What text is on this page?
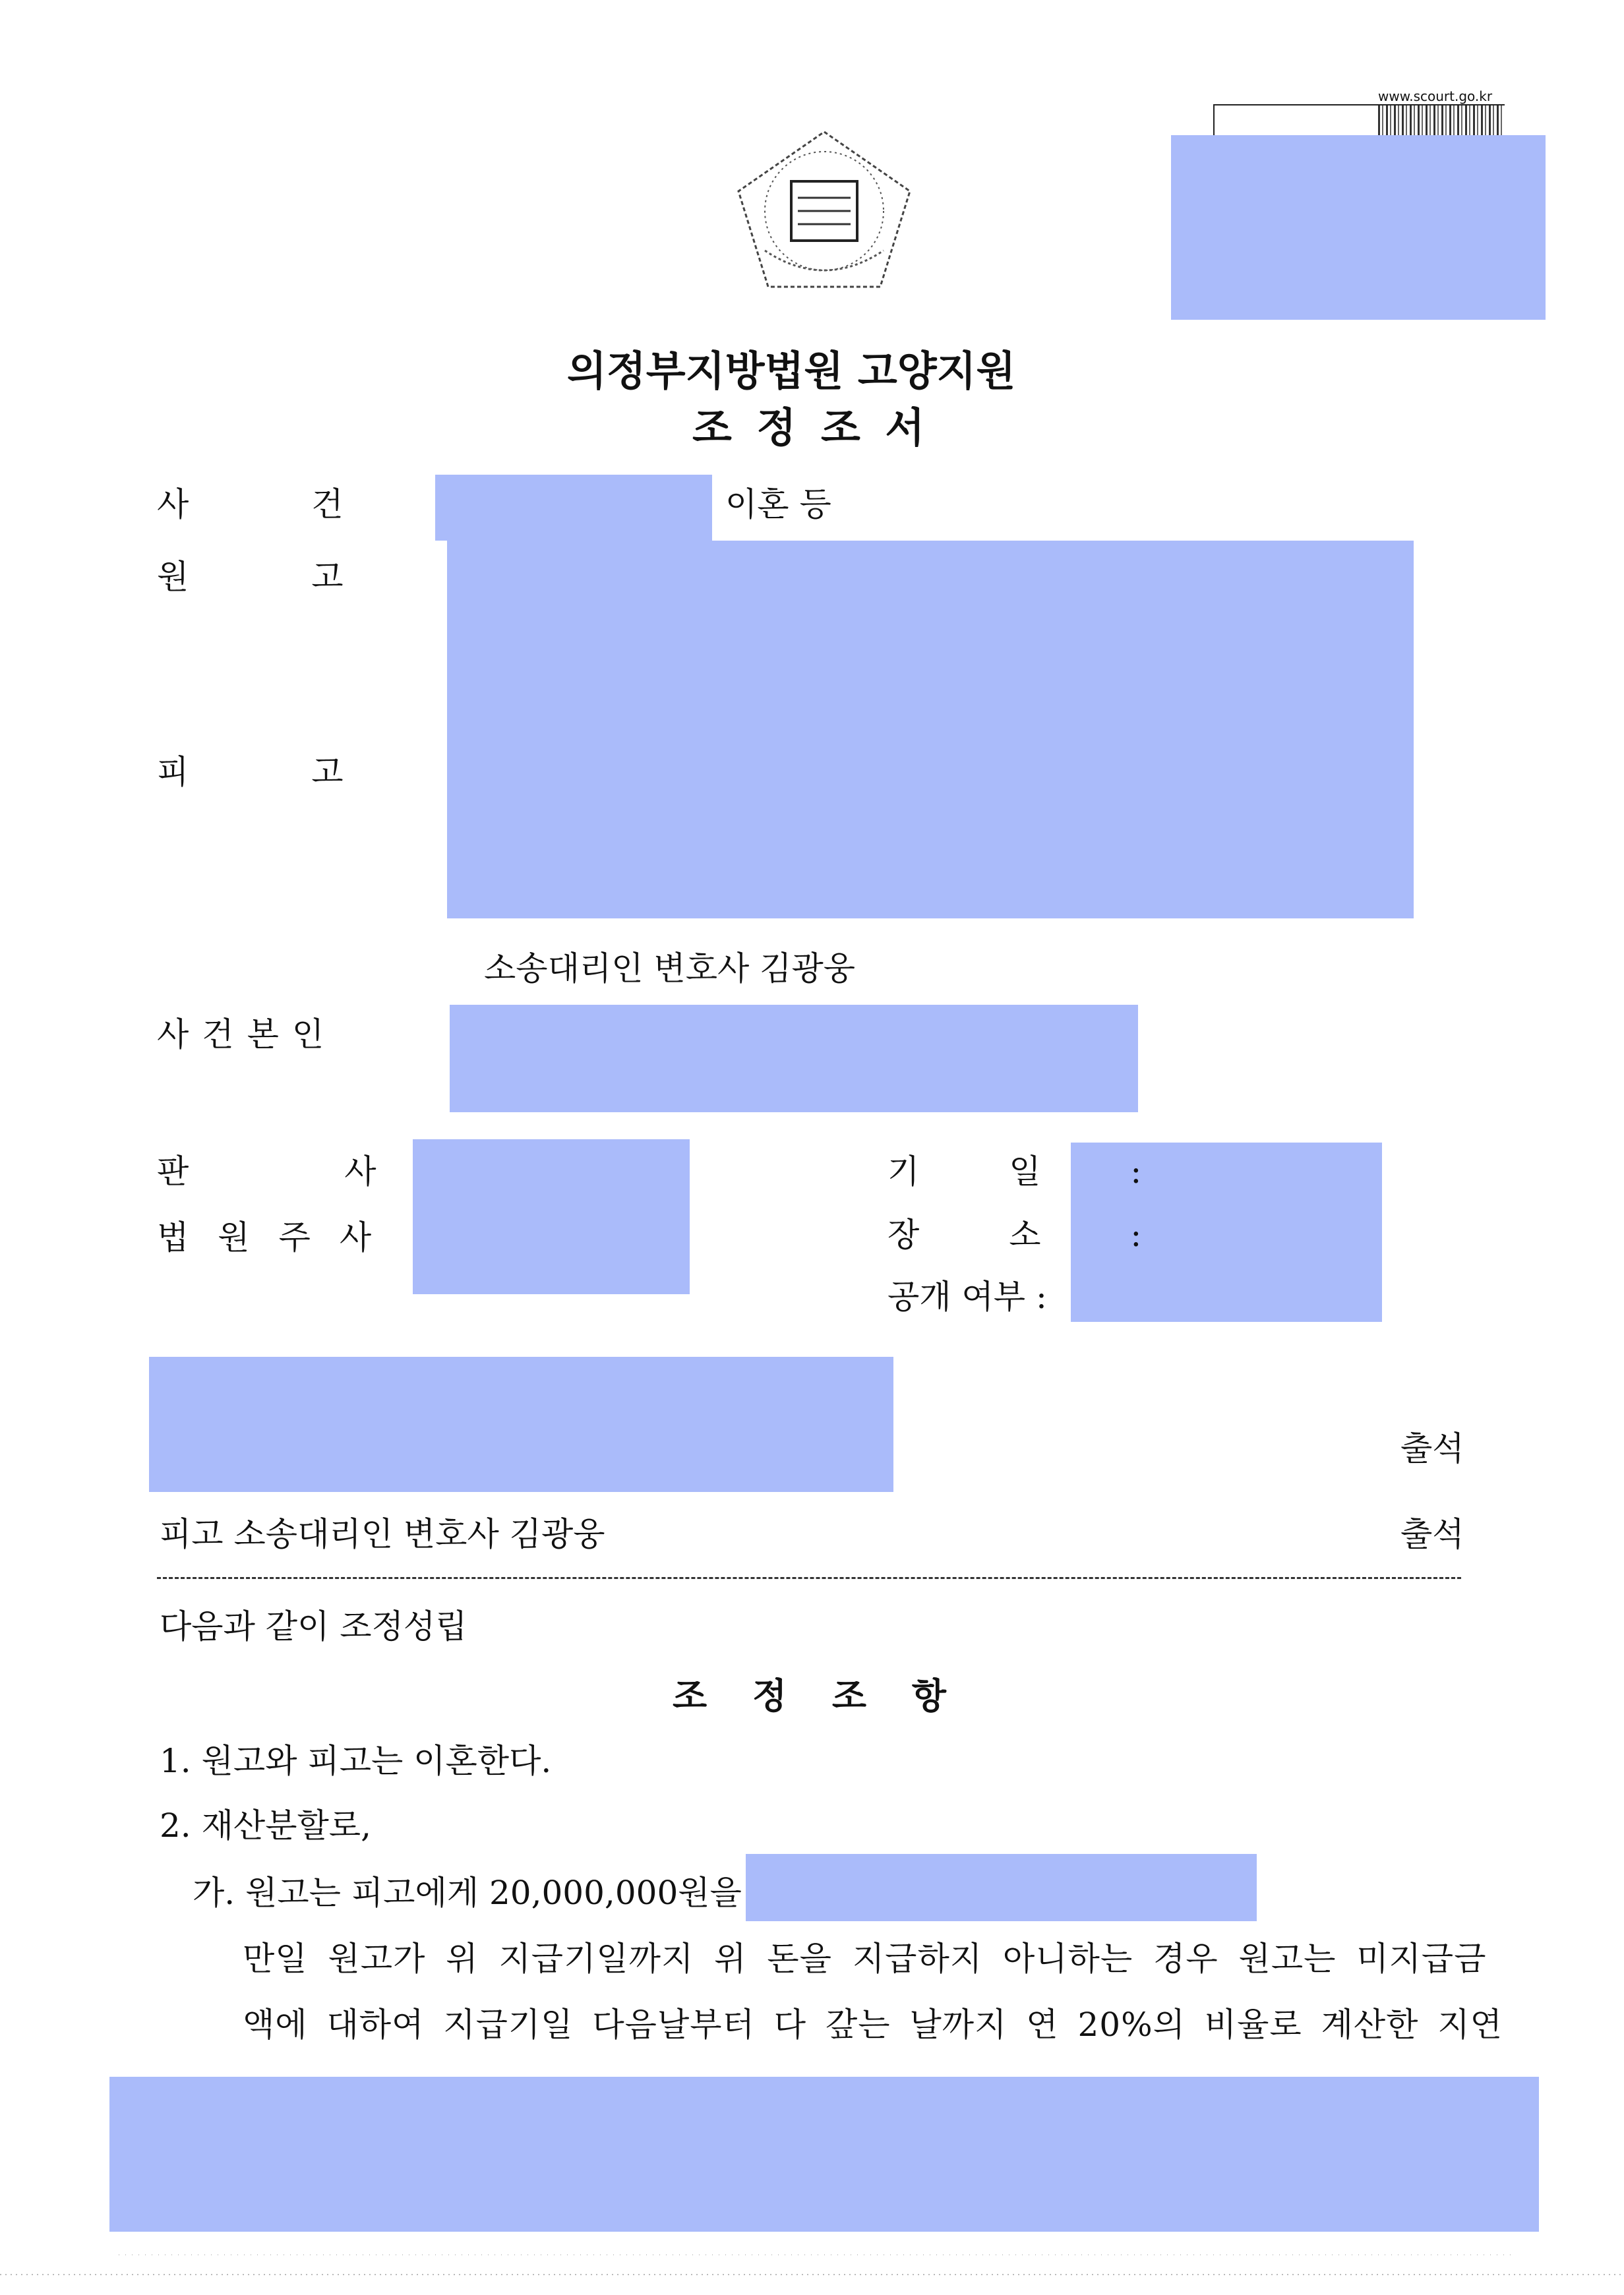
www.scourt.go.kr
의정부지방법원 고양지원
조 정 조 서
사 건	이혼 등
원 고
피 고
소송대리인 변호사 김광웅
사건본인
판 사
법원주사
기 일 :
장 소 :
공개 여부 :
출석
피고 소송대리인 변호사 김광웅	출석
다음과 같이 조정성립
조 정 조 항
1. 원고와 피고는 이혼한다.
2. 재산분할로,
가. 원고는 피고에게 20,000,000원을
만일 원고가 위 지급기일까지 위 돈을 지급하지 아니하는 경우 원고는 미지급금
액에 대하여 지급기일 다음날부터 다 갚는 날까지 연 20%의 비율로 계산한 지연
